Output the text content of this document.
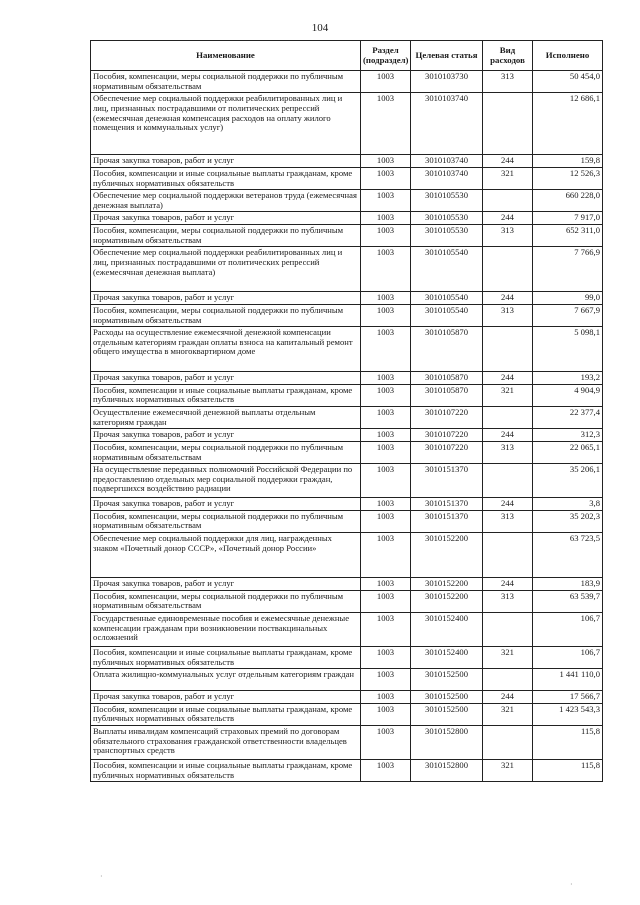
104
Наименование	Раздел (подраздел)	Целевая статья	Вид расходов	Исполнено
Пособия, компенсации, меры социальной поддержки по публичным нормативным обязательствам	1003	3010103730	313	50 454,0
Обеспечение мер социальной поддержки реабилитированных лиц и лиц, признанных пострадавшими от политических репрессий (ежемесячная денежная компенсация расходов на оплату жилого помещения и коммунальных услуг)	1003	3010103740		12 686,1
Прочая закупка товаров, работ и услуг	1003	3010103740	244	159,8
Пособия, компенсации и иные социальные выплаты гражданам, кроме публичных нормативных обязательств	1003	3010103740	321	12 526,3
Обеспечение мер социальной поддержки ветеранов труда (ежемесячная денежная выплата)	1003	3010105530		660 228,0
Прочая закупка товаров, работ и услуг	1003	3010105530	244	7 917,0
Пособия, компенсации, меры социальной поддержки по публичным нормативным обязательствам	1003	3010105530	313	652 311,0
Обеспечение мер социальной поддержки реабилитированных лиц и лиц, признанных пострадавшими от политических репрессий (ежемесячная денежная выплата)	1003	3010105540		7 766,9
Прочая закупка товаров, работ и услуг	1003	3010105540	244	99,0
Пособия, компенсации, меры социальной поддержки по публичным нормативным обязательствам	1003	3010105540	313	7 667,9
Расходы на осуществление ежемесячной денежной компенсации отдельным категориям граждан оплаты взноса на капитальный ремонт общего имущества в многоквартирном доме	1003	3010105870		5 098,1
Прочая закупка товаров, работ и услуг	1003	3010105870	244	193,2
Пособия, компенсации и иные социальные выплаты гражданам, кроме публичных нормативных обязательств	1003	3010105870	321	4 904,9
Осуществление ежемесячной денежной выплаты отдельным категориям граждан	1003	3010107220		22 377,4
Прочая закупка товаров, работ и услуг	1003	3010107220	244	312,3
Пособия, компенсации, меры социальной поддержки по публичным нормативным обязательствам	1003	3010107220	313	22 065,1
На осуществление переданных полномочий Российской Федерации по предоставлению отдельных мер социальной поддержки граждан, подвергшихся воздействию радиации	1003	3010151370		35 206,1
Прочая закупка товаров, работ и услуг	1003	3010151370	244	3,8
Пособия, компенсации, меры социальной поддержки по публичным нормативным обязательствам	1003	3010151370	313	35 202,3
Обеспечение мер социальной поддержки для лиц, награжденных знаком «Почетный донор СССР», «Почетный донор России»	1003	3010152200		63 723,5
Прочая закупка товаров, работ и услуг	1003	3010152200	244	183,9
Пособия, компенсации, меры социальной поддержки по публичным нормативным обязательствам	1003	3010152200	313	63 539,7
Государственные единовременные пособия и ежемесячные денежные компенсации гражданам при возникновении поствакцинальных осложнений	1003	3010152400		106,7
Пособия, компенсации и иные социальные выплаты гражданам, кроме публичных нормативных обязательств	1003	3010152400	321	106,7
Оплата жилищно-коммунальных услуг отдельным категориям граждан	1003	3010152500		1 441 110,0
Прочая закупка товаров, работ и услуг	1003	3010152500	244	17 566,7
Пособия, компенсации и иные социальные выплаты гражданам, кроме публичных нормативных обязательств	1003	3010152500	321	1 423 543,3
Выплаты инвалидам компенсаций страховых премий по договорам обязательного страхования гражданской ответственности владельцев транспортных средств	1003	3010152800		115,8
Пособия, компенсации и иные социальные выплаты гражданам, кроме публичных нормативных обязательств	1003	3010152800	321	115,8
·
·
